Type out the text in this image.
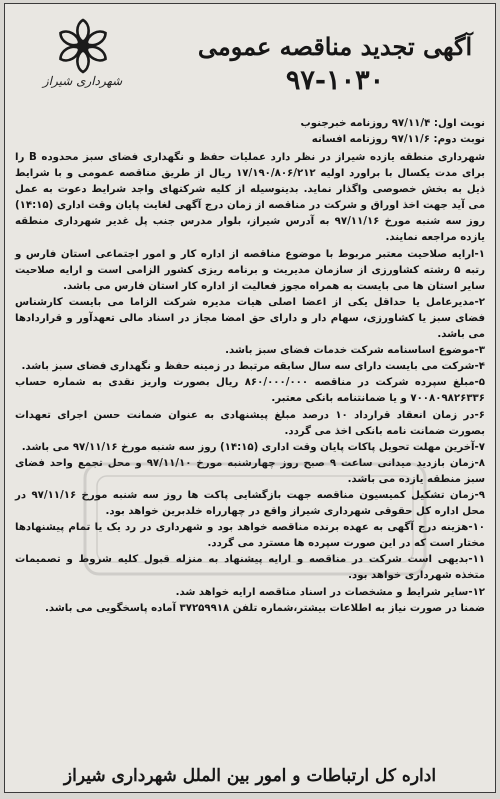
آگهی تجدید مناقصه عمومی
۹۷-۱۰۳۰
شهرداری شیراز
نوبت اول: ۹۷/۱۱/۴ روزنامه خبرجنوب
نوبت دوم: ۹۷/۱۱/۶ روزنامه افسانه

شهرداری منطقه یازده شیراز در نظر دارد عملیات حفظ و نگهداری فضای سبز محدوده B را برای مدت یکسال با براورد اولیه ۱۷/۱۹۰/۸۰۶/۲۱۲ ریال از طریق مناقصه عمومی و با شرایط ذیل به بخش خصوصی واگذار نماید. بدینوسیله از کلیه شرکتهای واجد شرایط دعوت به عمل می آید جهت اخذ اوراق و شرکت در مناقصه از زمان درج آگهی لغایت پایان وقت اداری (۱۴:۱۵) روز سه شنبه مورخ ۹۷/۱۱/۱۶ به آدرس شیراز، بلوار مدرس جنب پل غدیر شهرداری منطقه یازده مراجعه نمایند.

۱-ارایه صلاحیت معتبر مربوط با موضوع مناقصه از اداره کار و امور اجتماعی استان فارس و رتبه ۵ رشته کشاورزی از سازمان مدیریت و برنامه ریزی کشور الزامی است و ارایه صلاحیت سایر استان ها می بایست به همراه مجوز فعالیت از اداره کار استان فارس می باشد.

۲-مدیرعامل یا حداقل یکی از اعضا اصلی هیات مدیره شرکت الزاما می بایست کارشناس فضای سبز یا کشاورزی، سهام دار و دارای حق امضا مجاز در اسناد مالی تعهدآور و قراردادها می باشد.

۳-موضوع اساسنامه شرکت خدمات فضای سبز باشد.

۴-شرکت می بایست دارای سه سال سابقه مرتبط در زمینه حفظ و نگهداری فضای سبز باشد.

۵-مبلغ سپرده شرکت در مناقصه ۸۶۰/۰۰۰/۰۰۰ ریال بصورت واریز نقدی به شماره حساب ۷۰۰۸۰۹۸۲۶۳۳۶ و یا ضمانتنامه بانکی معتبر.

۶-در زمان انعقاد قرارداد ۱۰ درصد مبلغ پیشنهادی به عنوان ضمانت حسن اجرای تعهدات بصورت ضمانت نامه بانکی اخذ می گردد.

۷-آخرین مهلت تحویل پاکات پایان وقت اداری (۱۴:۱۵) روز سه شنبه مورخ ۹۷/۱۱/۱۶ می باشد.

۸-زمان بازدید میدانی ساعت ۹ صبح روز چهارشنبه مورخ ۹۷/۱۱/۱۰ و محل تجمع واحد فضای سبز منطقه یازده می باشد.

۹-زمان تشکیل کمیسیون مناقصه جهت بازگشایی پاکت ها روز سه شنبه مورخ ۹۷/۱۱/۱۶ در محل اداره کل حقوقی شهرداری شیراز واقع در چهارراه خلدبرین خواهد بود.

۱۰-هزینه درج آگهی به عهده برنده مناقصه خواهد بود و شهرداری در رد یک یا تمام پیشنهادها مختار است که در این صورت سپرده ها مسترد می گردد.

۱۱-بدیهی است شرکت در مناقصه و ارایه پیشنهاد به منزله قبول کلیه شروط و تصمیمات متخذه شهرداری خواهد بود.

۱۲-سایر شرایط و مشخصات در اسناد مناقصه ارایه خواهد شد.

ضمنا در صورت نیاز به اطلاعات بیشتر،شماره تلفن ۳۷۲۵۹۹۱۸ آماده پاسخگویی می باشد.

اداره کل ارتباطات و امور بین الملل شهرداری شیراز
